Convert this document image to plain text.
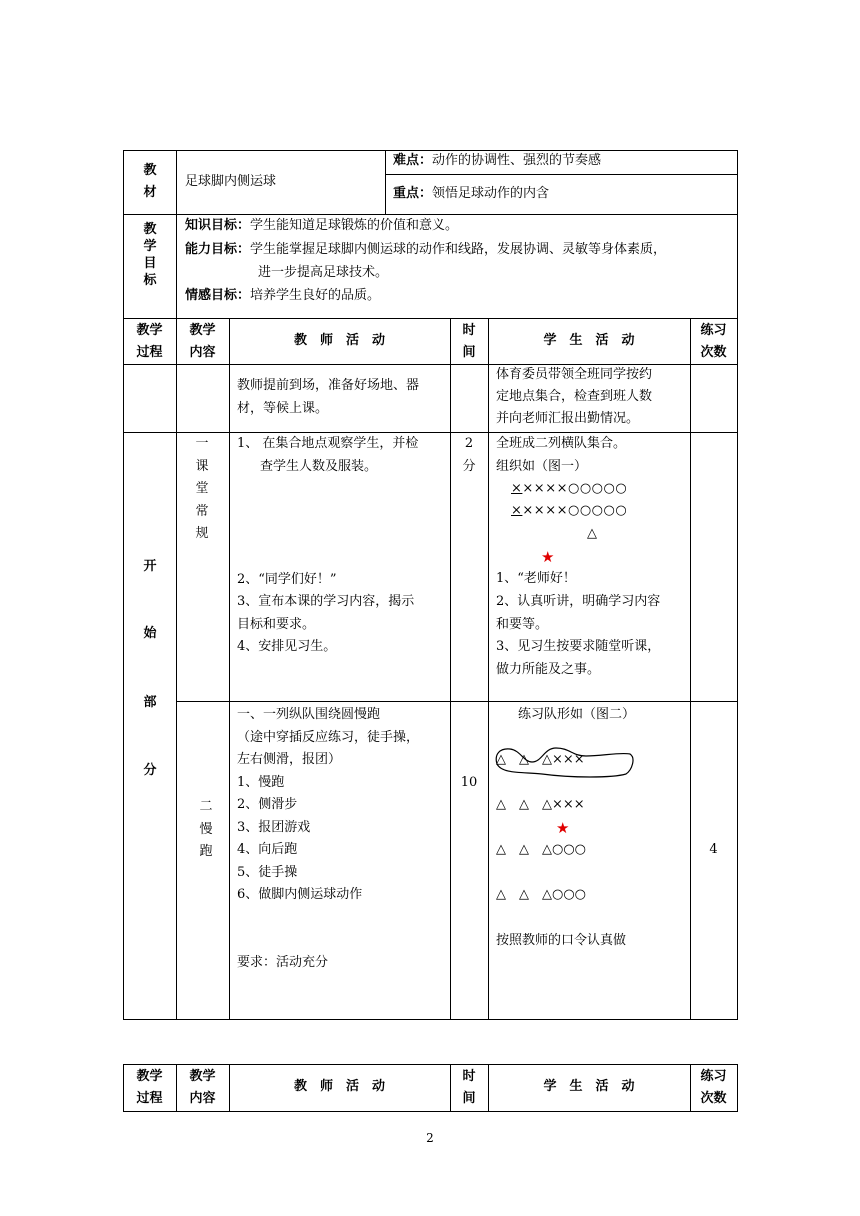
教
材
足球脚内侧运球
难点：动作的协调性、强烈的节奏感
重点：领悟足球动作的内含
教
学
目
标
知识目标：学生能知道足球锻炼的价值和意义。
能力目标：学生能掌握足球脚内侧运球的动作和线路，发展协调、灵敏等身体素质，
进一步提高足球技术。
情感目标：培养学生良好的品质。
教学
过程
教学
内容
教　师　活　动
时
间
学　生　活　动
练习
次数
教师提前到场，准备好场地、器
材，等候上课。
体育委员带领全班同学按约
定地点集合，检查到班人数
并向老师汇报出勤情况。
开
始
部
分
一
课
堂
常
规
1、 在集合地点观察学生，并检
查学生人数及服装。
2、“同学们好！”
3、宣布本课的学习内容，揭示
目标和要求。
4、安排见习生。
2
分
全班成二列横队集合。
组织如（图一）
×××××○○○○○
×××××○○○○○
△
★
1、“老师好！
2、认真听讲，明确学习内容
和要等。
3、见习生按要求随堂听课，
做力所能及之事。
二
慢
跑
一、一列纵队围绕圆慢跑
（途中穿插反应练习，徒手操，
左右侧滑，报团）
1、慢跑
2、侧滑步
3、报团游戏
4、向后跑
5、徒手操
6、做脚内侧运球动作
要求：活动充分
10
练习队形如（图二）
△　△　△×××
△　△　△×××
★
△　△　△○○○
△　△　△○○○
按照教师的口令认真做
4
教学
过程
教学
内容
教　师　活　动
时
间
学　生　活　动
练习
次数
2
